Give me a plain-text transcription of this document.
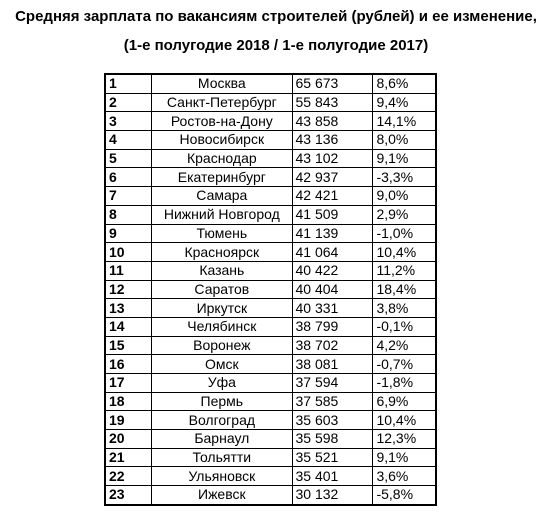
Средняя зарплата по вакансиям строителей (рублей) и ее изменение,
(1-е полугодие 2018 / 1-е полугодие 2017)
1	Москва	65 673	8,6%
2	Санкт-Петербург	55 843	9,4%
3	Ростов-на-Дону	43 858	14,1%
4	Новосибирск	43 136	8,0%
5	Краснодар	43 102	9,1%
6	Екатеринбург	42 937	-3,3%
7	Самара	42 421	9,0%
8	Нижний Новгород	41 509	2,9%
9	Тюмень	41 139	-1,0%
10	Красноярск	41 064	10,4%
11	Казань	40 422	11,2%
12	Саратов	40 404	18,4%
13	Иркутск	40 331	3,8%
14	Челябинск	38 799	-0,1%
15	Воронеж	38 702	4,2%
16	Омск	38 081	-0,7%
17	Уфа	37 594	-1,8%
18	Пермь	37 585	6,9%
19	Волгоград	35 603	10,4%
20	Барнаул	35 598	12,3%
21	Тольятти	35 521	9,1%
22	Ульяновск	35 401	3,6%
23	Ижевск	30 132	-5,8%
